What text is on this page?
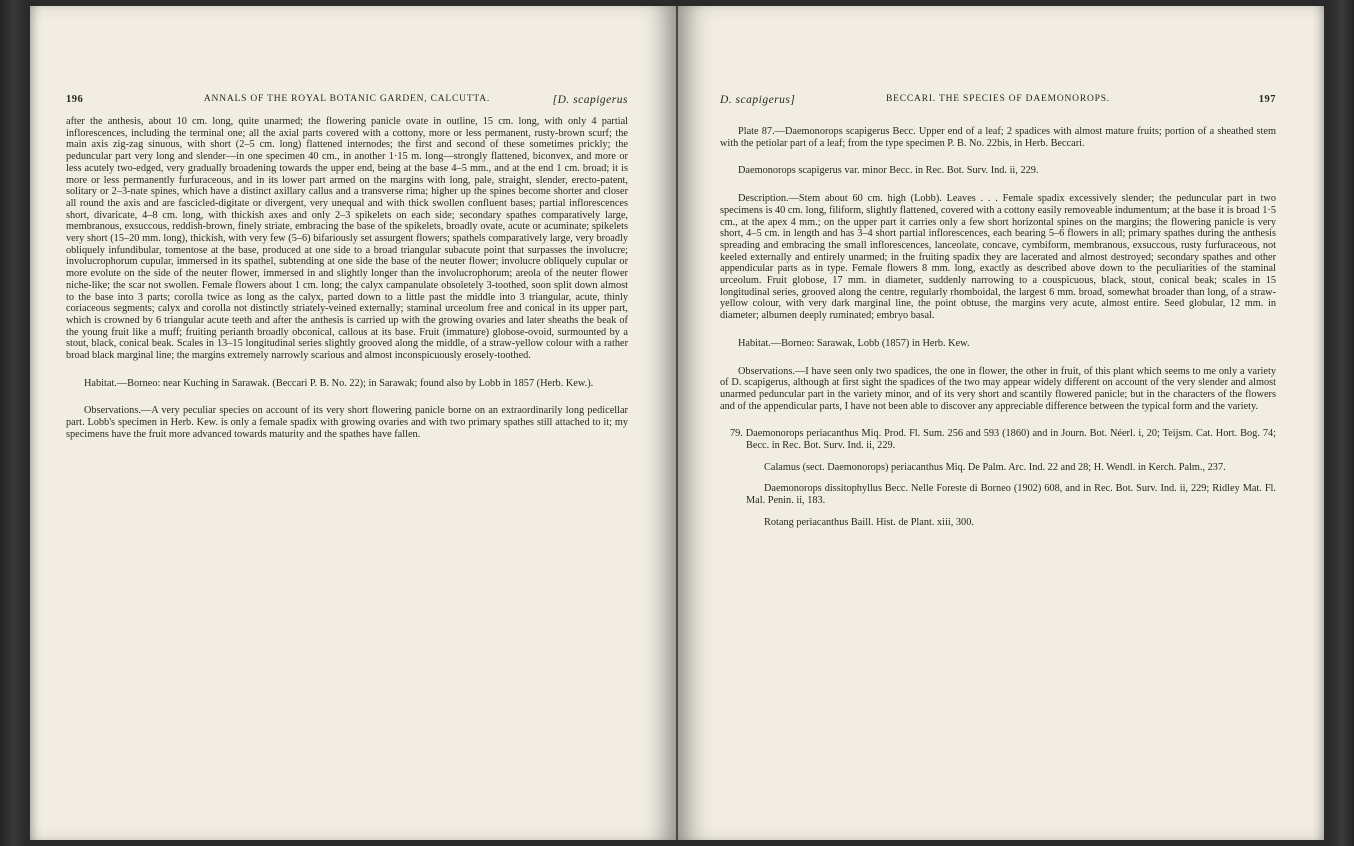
196	ANNALS OF THE ROYAL BOTANIC GARDEN, CALCUTTA.	[D. scapigerus

after the anthesis, about 10 cm. long, quite unarmed; the flowering panicle ovate in outline, 15 cm. long, with only 4 partial inflorescences, including the terminal one; all the axial parts covered with a cottony, more or less permanent, rusty-brown scurf; the main axis zig-zag sinuous, with short (2–5 cm. long) flattened internodes; the first and second of these sometimes prickly; the peduncular part very long and slender—in one specimen 40 cm., in another 1·15 m. long—strongly flattened, biconvex, and more or less acutely two-edged, very gradually broadening towards the upper end, being at the base 4–5 mm., and at the end 1 cm. broad; it is more or less permanently furfuraceous, and in its lower part armed on the margins with long, pale, straight, slender, erecto-patent, solitary or 2–3-nate spines, which have a distinct axillary callus and a transverse rima; higher up the spines become shorter and closer all round the axis and are fascicled-digitate or divergent, very unequal and with thick swollen confluent bases; partial inflorescences short, divaricate, 4–8 cm. long, with thickish axes and only 2–3 spikelets on each side; secondary spathes comparatively large, membranous, exsuccous, reddish-brown, finely striate, embracing the base of the spikelets, broadly ovate, acute or acuminate; spikelets very short (15–20 mm. long), thickish, with very few (5–6) bifariously set assurgent flowers; spathels comparatively large, very broadly obliquely infundibular, tomentose at the base, produced at one side to a broad triangular subacute point that surpasses the involucre; involucrophorum cupular, immersed in its spathel, subtending at one side the base of the neuter flower; involucre obliquely cupular or more evolute on the side of the neuter flower, immersed in and slightly longer than the involucrophorum; areola of the neuter flower niche-like; the scar not swollen. Female flowers about 1 cm. long; the calyx campanulate obsoletely 3-toothed, soon split down almost to the base into 3 parts; corolla twice as long as the calyx, parted down to a little past the middle into 3 triangular, acute, thinly coriaceous segments; calyx and corolla not distinctly striately-veined externally; staminal urceolum free and conical in its upper part, which is crowned by 6 triangular acute teeth and after the anthesis is carried up with the growing ovaries and later sheaths the beak of the young fruit like a muff; fruiting perianth broadly obconical, callous at its base. Fruit (immature) globose-ovoid, surmounted by a stout, black, conical beak. Scales in 13–15 longitudinal series slightly grooved along the middle, of a straw-yellow colour with a rather broad black marginal line; the margins extremely narrowly scarious and almost inconspicuously erosely-toothed.

Habitat.—Borneo: near Kuching in Sarawak. (Beccari P. B. No. 22); in Sarawak; found also by Lobb in 1857 (Herb. Kew.).

Observations.—A very peculiar species on account of its very short flowering panicle borne on an extraordinarily long pedicellar part. Lobb's specimen in Herb. Kew. is only a female spadix with growing ovaries and with two primary spathes still attached to it; my specimens have the fruit more advanced towards maturity and the spathes have fallen.

D. scapigerus]	BECCARI. THE SPECIES OF DAEMONOROPS.	197

Plate 87.—Daemonorops scapigerus Becc. Upper end of a leaf; 2 spadices with almost mature fruits; portion of a sheathed stem with the petiolar part of a leaf; from the type specimen P. B. No. 22bis, in Herb. Beccari.

Daemonorops scapigerus var. minor Becc. in Rec. Bot. Surv. Ind. ii, 229.

Description.—Stem about 60 cm. high (Lobb). Leaves . . . Female spadix excessively slender; the peduncular part in two specimens is 40 cm. long, filiform, slightly flattened, covered with a cottony easily removeable indumentum; at the base it is broad 1·5 cm., at the apex 4 mm.; on the upper part it carries only a few short horizontal spines on the margins; the flowering panicle is very short, 4–5 cm. in length and has 3–4 short partial inflorescences, each bearing 5–6 flowers in all; primary spathes during the anthesis spreading and embracing the small inflorescences, lanceolate, concave, cymbiform, membranous, exsuccous, rusty furfuraceous, not keeled externally and entirely unarmed; in the fruiting spadix they are lacerated and almost destroyed; secondary spathes and other appendicular parts as in type. Female flowers 8 mm. long, exactly as described above down to the peculiarities of the staminal urceolum. Fruit globose, 17 mm. in diameter, suddenly narrowing to a couspicuous, black, stout, conical beak; scales in 15 longitudinal series, grooved along the centre, regularly rhomboidal, the largest 6 mm. broad, somewhat broader than long, of a straw-yellow colour, with very dark marginal line, the point obtuse, the margins very acute, almost entire. Seed globular, 12 mm. in diameter; albumen deeply ruminated; embryo basal.

Habitat.—Borneo: Sarawak, Lobb (1857) in Herb. Kew.

Observations.—I have seen only two spadices, the one in flower, the other in fruit, of this plant which seems to me only a variety of D. scapigerus, although at first sight the spadices of the two may appear widely different on account of the very slender and almost unarmed peduncular part in the variety minor, and of its very short and scantily flowered panicle; but in the characters of the flowers and of the appendicular parts, I have not been able to discover any appreciable difference between the typical form and the variety.

79. Daemonorops periacanthus Miq. Prod. Fl. Sum. 256 and 593 (1860) and in Journ. Bot. Néerl. i, 20; Teijsm. Cat. Hort. Bog. 74; Becc. in Rec. Bot. Surv. Ind. ii, 229.

Calamus (sect. Daemonorops) periacanthus Miq. De Palm. Arc. Ind. 22 and 28; H. Wendl. in Kerch. Palm., 237.

Daemonorops dissitophyllus Becc. Nelle Foreste di Borneo (1902) 608, and in Rec. Bot. Surv. Ind. ii, 229; Ridley Mat. Fl. Mal. Penin. ii, 183.

Rotang periacanthus Baill. Hist. de Plant. xiii, 300.
